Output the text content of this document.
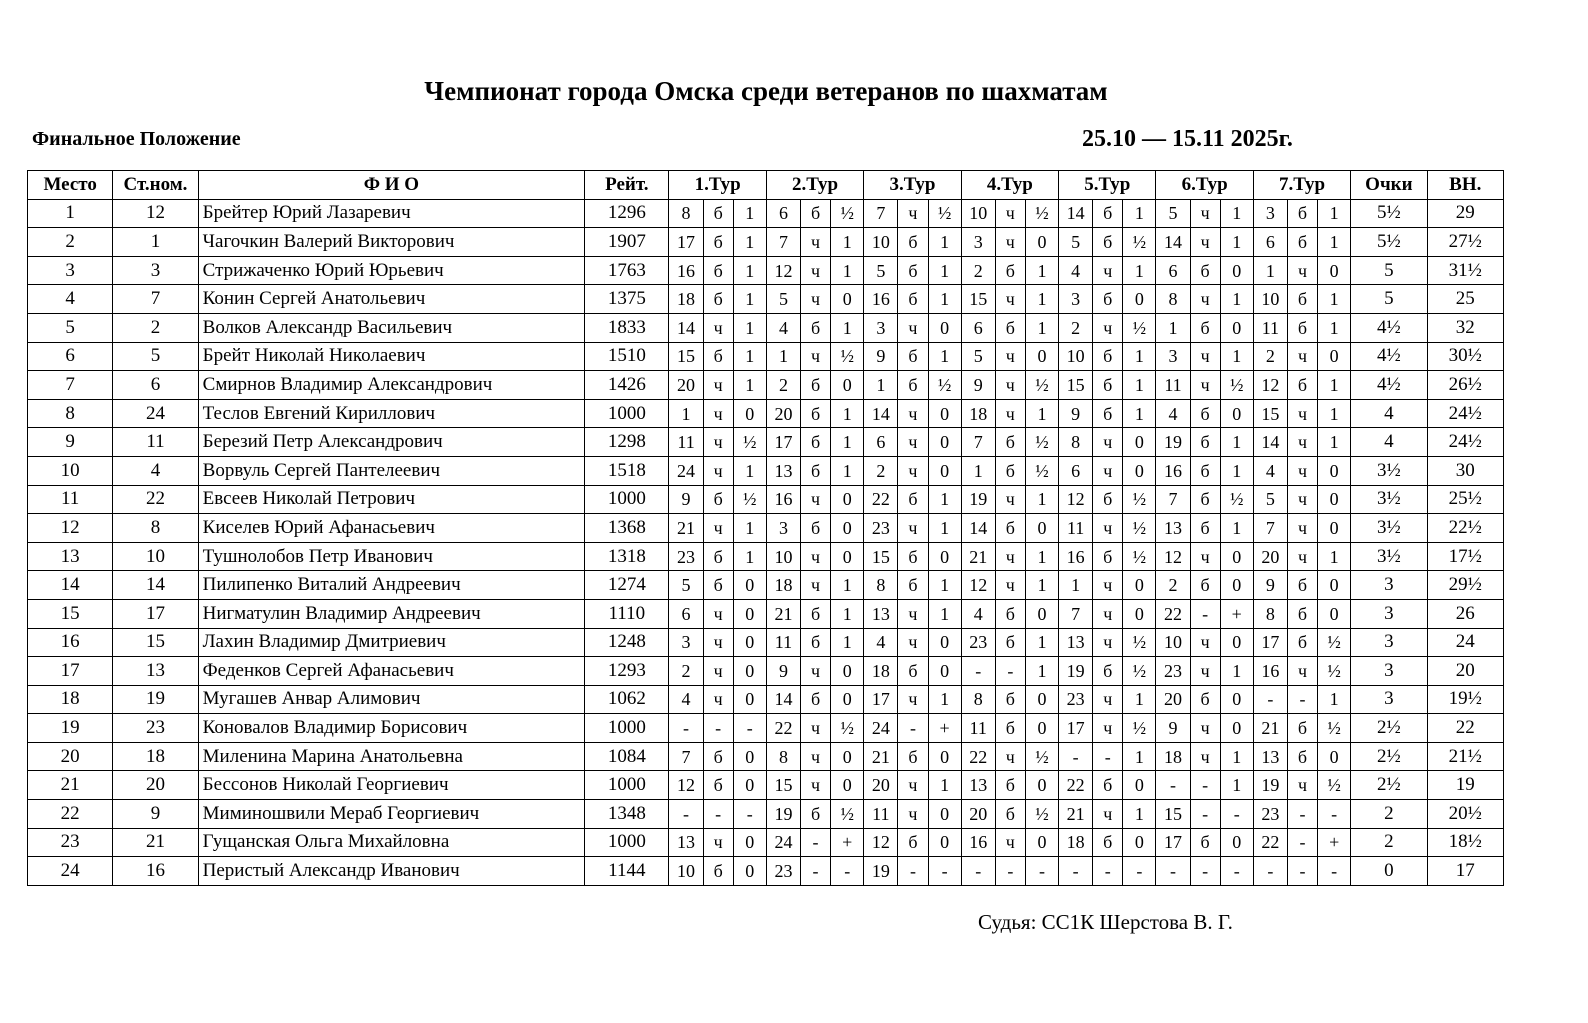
Чемпионат города Омска среди ветеранов по шахматам
Финальное Положение	25.10 — 15.11 2025г.
Место	Ст.ном.	Ф И О	Рейт.	1.Тур			2.Тур			3.Тур			4.Тур			5.Тур			6.Тур			7.Тур			Очки	ВН.
1	12	Брейтер Юрий Лазаревич	1296	8	б	1	6	б	½	7	ч	½	10	ч	½	14	б	1	5	ч	1	3	б	1	5½	29
2	1	Чагочкин Валерий Викторович	1907	17	б	1	7	ч	1	10	б	1	3	ч	0	5	б	½	14	ч	1	6	б	1	5½	27½
3	3	Стрижаченко Юрий Юрьевич	1763	16	б	1	12	ч	1	5	б	1	2	б	1	4	ч	1	6	б	0	1	ч	0	5	31½
4	7	Конин Сергей Анатольевич	1375	18	б	1	5	ч	0	16	б	1	15	ч	1	3	б	0	8	ч	1	10	б	1	5	25
5	2	Волков Александр Васильевич	1833	14	ч	1	4	б	1	3	ч	0	6	б	1	2	ч	½	1	б	0	11	б	1	4½	32
6	5	Брейт Николай Николаевич	1510	15	б	1	1	ч	½	9	б	1	5	ч	0	10	б	1	3	ч	1	2	ч	0	4½	30½
7	6	Смирнов Владимир Александрович	1426	20	ч	1	2	б	0	1	б	½	9	ч	½	15	б	1	11	ч	½	12	б	1	4½	26½
8	24	Теслов Евгений Кириллович	1000	1	ч	0	20	б	1	14	ч	0	18	ч	1	9	б	1	4	б	0	15	ч	1	4	24½
9	11	Березий Петр Александрович	1298	11	ч	½	17	б	1	6	ч	0	7	б	½	8	ч	0	19	б	1	14	ч	1	4	24½
10	4	Ворвуль Сергей Пантелеевич	1518	24	ч	1	13	б	1	2	ч	0	1	б	½	6	ч	0	16	б	1	4	ч	0	3½	30
11	22	Евсеев Николай Петрович	1000	9	б	½	16	ч	0	22	б	1	19	ч	1	12	б	½	7	б	½	5	ч	0	3½	25½
12	8	Киселев Юрий Афанасьевич	1368	21	ч	1	3	б	0	23	ч	1	14	б	0	11	ч	½	13	б	1	7	ч	0	3½	22½
13	10	Тушнолобов Петр Иванович	1318	23	б	1	10	ч	0	15	б	0	21	ч	1	16	б	½	12	ч	0	20	ч	1	3½	17½
14	14	Пилипенко Виталий Андреевич	1274	5	б	0	18	ч	1	8	б	1	12	ч	1	1	ч	0	2	б	0	9	б	0	3	29½
15	17	Нигматулин Владимир Андреевич	1110	6	ч	0	21	б	1	13	ч	1	4	б	0	7	ч	0	22	-	+	8	б	0	3	26
16	15	Лахин Владимир Дмитриевич	1248	3	ч	0	11	б	1	4	ч	0	23	б	1	13	ч	½	10	ч	0	17	б	½	3	24
17	13	Феденков Сергей Афанасьевич	1293	2	ч	0	9	ч	0	18	б	0	-	-	1	19	б	½	23	ч	1	16	ч	½	3	20
18	19	Мугашев Анвар Алимович	1062	4	ч	0	14	б	0	17	ч	1	8	б	0	23	ч	1	20	б	0	-	-	1	3	19½
19	23	Коновалов Владимир Борисович	1000	-	-	-	22	ч	½	24	-	+	11	б	0	17	ч	½	9	ч	0	21	б	½	2½	22
20	18	Миленина Марина Анатольевна	1084	7	б	0	8	ч	0	21	б	0	22	ч	½	-	-	1	18	ч	1	13	б	0	2½	21½
21	20	Бессонов Николай Георгиевич	1000	12	б	0	15	ч	0	20	ч	1	13	б	0	22	б	0	-	-	1	19	ч	½	2½	19
22	9	Миминошвили Мераб Георгиевич	1348	-	-	-	19	б	½	11	ч	0	20	б	½	21	ч	1	15	-	-	23	-	-	2	20½
23	21	Гущанская Ольга Михайловна	1000	13	ч	0	24	-	+	12	б	0	16	ч	0	18	б	0	17	б	0	22	-	+	2	18½
24	16	Перистый Александр Иванович	1144	10	б	0	23	-	-	19	-	-	-	-	-	-	-	-	-	-	-	-	-	-	0	17
Судья: СС1К Шерстова В. Г.
